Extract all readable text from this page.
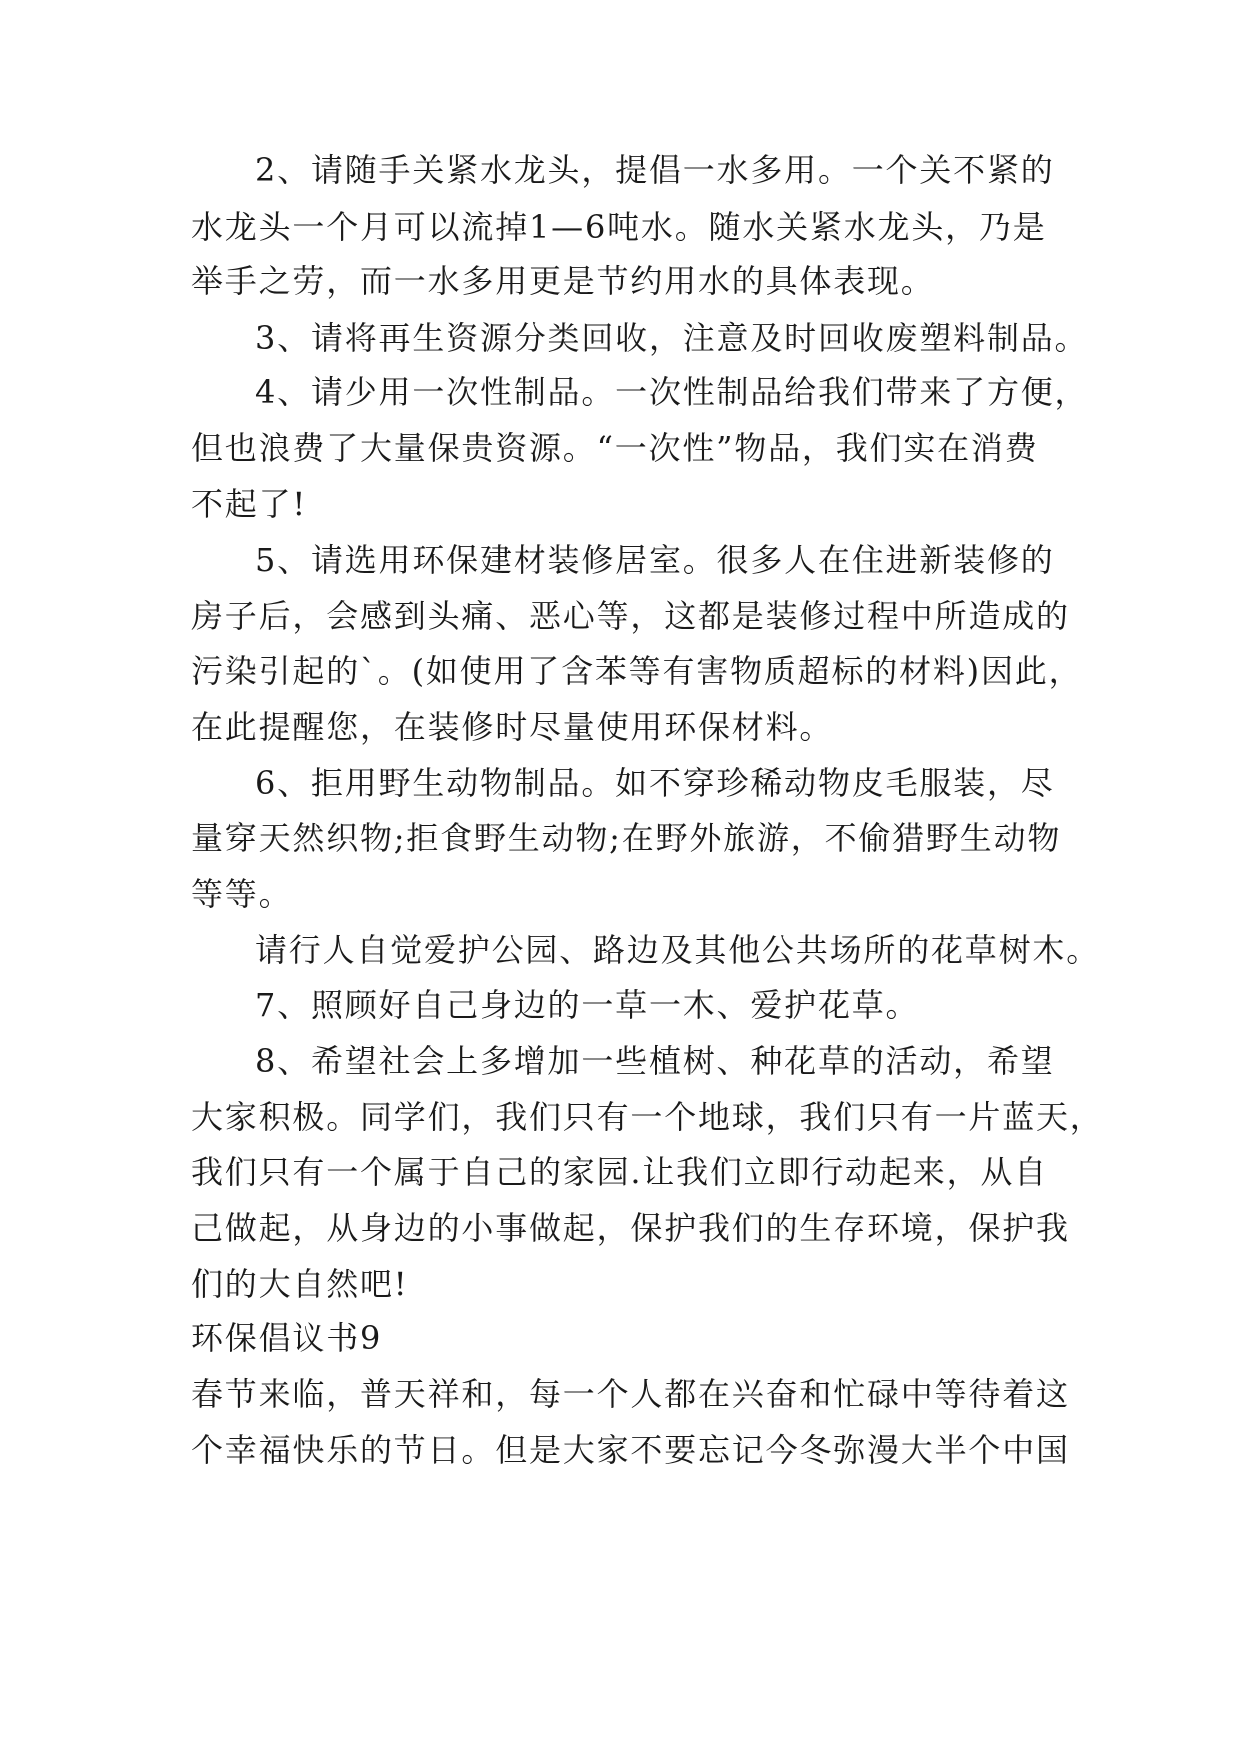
2、请随手关紧水龙头，提倡一水多用。一个关不紧的

水龙头一个月可以流掉1—6吨水。随水关紧水龙头，乃是

举手之劳，而一水多用更是节约用水的具体表现。

3、请将再生资源分类回收，注意及时回收废塑料制品。

4、请少用一次性制品。一次性制品给我们带来了方便，

但也浪费了大量保贵资源。“一次性”物品，我们实在消费

不起了!

5、请选用环保建材装修居室。很多人在住进新装修的

房子后，会感到头痛、恶心等，这都是装修过程中所造成的

污染引起的`。(如使用了含苯等有害物质超标的材料)因此，

在此提醒您，在装修时尽量使用环保材料。

6、拒用野生动物制品。如不穿珍稀动物皮毛服装，尽

量穿天然织物;拒食野生动物;在野外旅游，不偷猎野生动物

等等。

请行人自觉爱护公园、路边及其他公共场所的花草树木。

7、照顾好自己身边的一草一木、爱护花草。

8、希望社会上多增加一些植树、种花草的活动，希望

大家积极。同学们，我们只有一个地球，我们只有一片蓝天，

我们只有一个属于自己的家园.让我们立即行动起来，从自

己做起，从身边的小事做起，保护我们的生存环境，保护我

们的大自然吧!

环保倡议书9

春节来临，普天祥和，每一个人都在兴奋和忙碌中等待着这

个幸福快乐的节日。但是大家不要忘记今冬弥漫大半个中国
